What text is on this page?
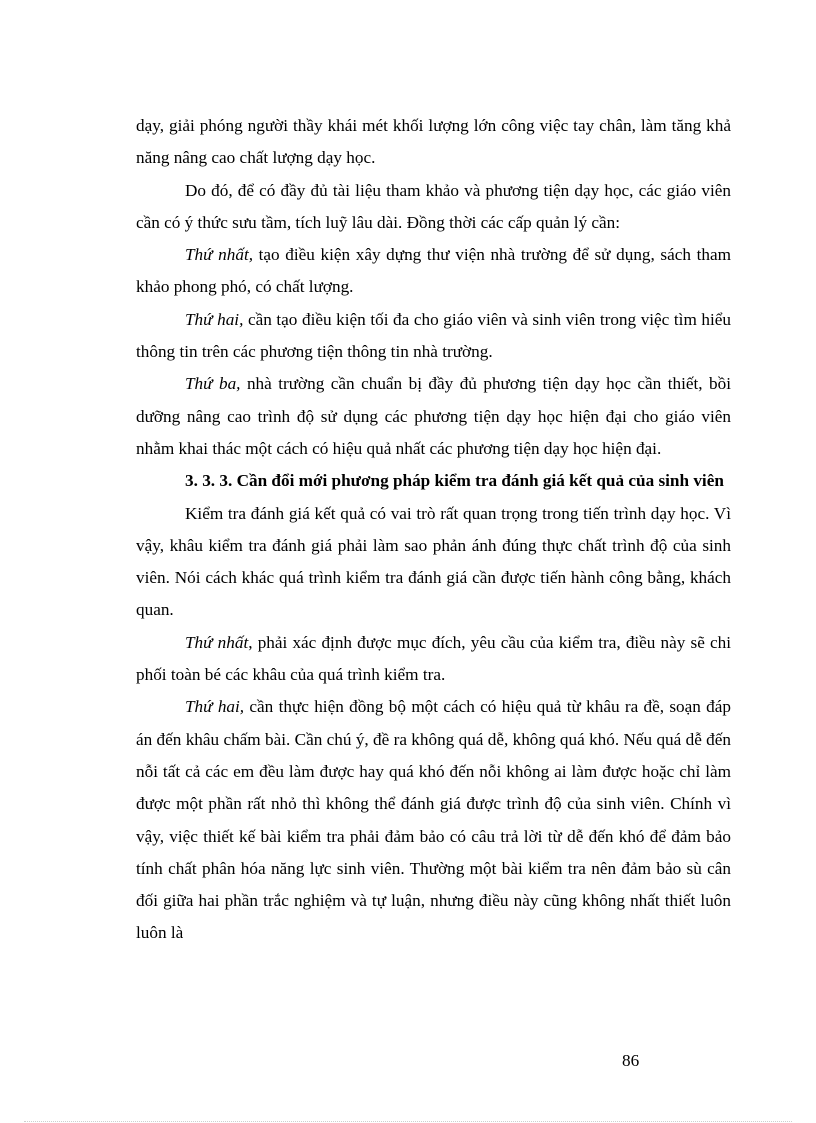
dạy, giải phóng người thầy khái mét khối lượng lớn công việc tay chân, làm tăng khả năng nâng cao chất lượng dạy học.

Do đó, để có đầy đủ tài liệu tham khảo và phương tiện dạy học, các giáo viên cần có ý thức sưu tầm, tích luỹ lâu dài. Đồng thời các cấp quản lý cần:

Thứ nhất, tạo điều kiện xây dựng thư viện nhà trường để sử dụng, sách tham khảo phong phó, có chất lượng.

Thứ hai, cần tạo điều kiện tối đa cho giáo viên và sinh viên trong việc tìm hiểu thông tin trên các phương tiện thông tin nhà trường.

Thứ ba, nhà trường cần chuẩn bị đầy đủ phương tiện dạy học cần thiết, bồi dưỡng nâng cao trình độ sử dụng các phương tiện dạy học hiện đại cho giáo viên nhằm khai thác một cách có hiệu quả nhất các phương tiện dạy học hiện đại.

3. 3. 3. Cần đổi mới phương pháp kiểm tra đánh giá kết quả của sinh viên

Kiểm tra đánh giá kết quả có vai trò rất quan trọng trong tiến trình dạy học. Vì vậy, khâu kiểm tra đánh giá phải làm sao phản ánh đúng thực chất trình độ của sinh viên. Nói cách khác quá trình kiểm tra đánh giá cần được tiến hành công bằng, khách quan.

Thứ nhất, phải xác định được mục đích, yêu cầu của kiểm tra, điều này sẽ chi phối toàn bé các khâu của quá trình kiểm tra.

Thứ hai, cần thực hiện đồng bộ một cách có hiệu quả từ khâu ra đề, soạn đáp án đến khâu chấm bài. Cần chú ý, đề ra không quá dễ, không quá khó. Nếu quá dễ đến nỗi tất cả các em đều làm được hay quá khó đến nỗi không ai làm được hoặc chỉ làm được một phần rất nhỏ thì không thể đánh giá được trình độ của sinh viên. Chính vì vậy, việc thiết kế bài kiểm tra phải đảm bảo có câu trả lời từ dễ đến khó để đảm bảo tính chất phân hóa năng lực sinh viên. Thường một bài kiểm tra nên đảm bảo sù cân đối giữa hai phần trắc nghiệm và tự luận, nhưng điều này cũng không nhất thiết luôn luôn là

86
